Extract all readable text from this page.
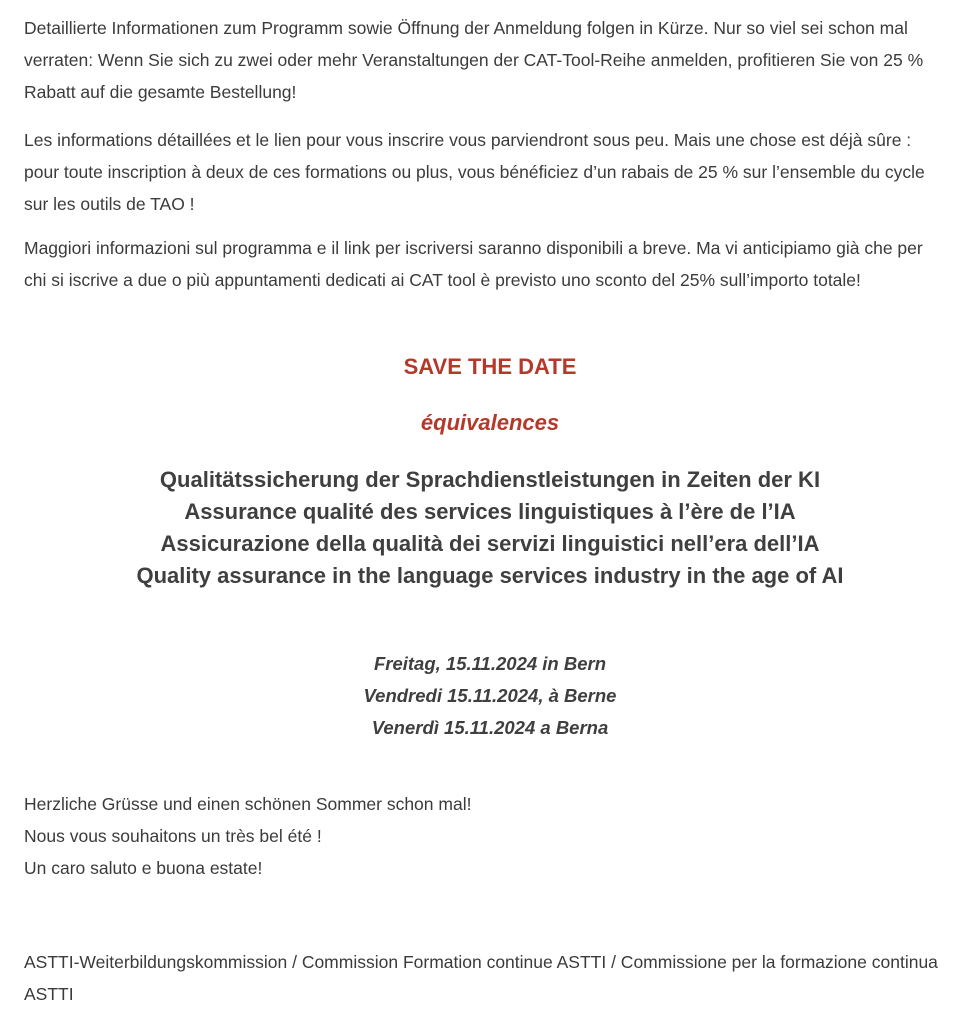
Detaillierte Informationen zum Programm sowie Öffnung der Anmeldung folgen in Kürze. Nur so viel sei schon mal verraten: Wenn Sie sich zu zwei oder mehr Veranstaltungen der CAT-Tool-Reihe anmelden, profitieren Sie von 25 % Rabatt auf die gesamte Bestellung!

Les informations détaillées et le lien pour vous inscrire vous parviendront sous peu. Mais une chose est déjà sûre : pour toute inscription à deux de ces formations ou plus, vous bénéficiez d’un rabais de 25 % sur l’ensemble du cycle sur les outils de TAO !

Maggiori informazioni sul programma e il link per iscriversi saranno disponibili a breve. Ma vi anticipiamo già che per chi si iscrive a due o più appuntamenti dedicati ai CAT tool è previsto uno sconto del 25% sull’importo totale!

SAVE THE DATE
équivalences
Qualitätssicherung der Sprachdienstleistungen in Zeiten der KI
Assurance qualité des services linguistiques à l’ère de l’IA
Assicurazione della qualità dei servizi linguistici nell’era dell’IA
Quality assurance in the language services industry in the age of AI
Freitag, 15.11.2024 in Bern
Vendredi 15.11.2024, à Berne
Venerdì 15.11.2024 a Berna
Herzliche Grüsse und einen schönen Sommer schon mal!
Nous vous souhaitons un très bel été !
Un caro saluto e buona estate!
ASTTI-Weiterbildungskommission / Commission Formation continue ASTTI / Commissione per la formazione continua ASTTI
